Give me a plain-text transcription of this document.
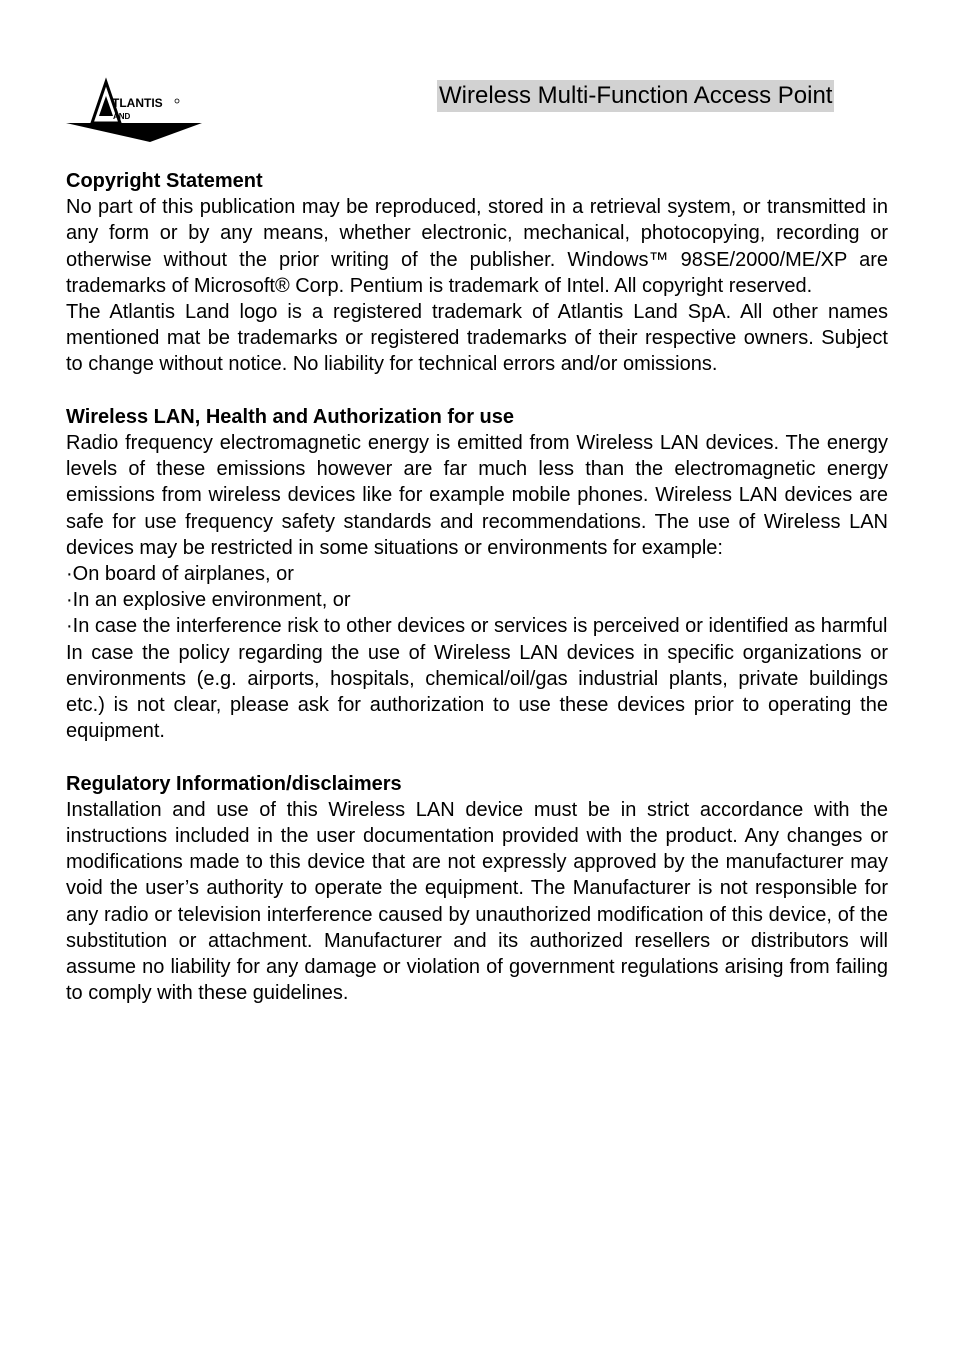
TLANTIS
AND
Wireless Multi-Function Access Point
Copyright Statement

No part of this publication may be reproduced, stored in a retrieval system, or transmitted in any form or by any means, whether electronic, mechanical, photocopying, recording or otherwise without the prior writing of the publisher. Windows™ 98SE/2000/ME/XP are trademarks of Microsoft® Corp. Pentium is trademark of Intel. All copyright reserved.

The Atlantis Land logo is a registered trademark of Atlantis Land SpA. All other names mentioned mat be trademarks or registered trademarks of their respective owners. Subject to change without notice. No liability for technical errors and/or omissions.

Wireless LAN, Health and Authorization for use

Radio frequency electromagnetic energy is emitted from Wireless LAN devices. The energy levels of these emissions however are far much less than the electromagnetic energy emissions from wireless devices like for example mobile phones. Wireless LAN devices are safe for use frequency safety standards and recommendations. The use of Wireless LAN devices may be restricted in some situations or environments for example:

·On board of airplanes, or

·In an explosive environment, or

·In case the interference risk to other devices or services is perceived or identified as harmful

In case the policy regarding the use of Wireless LAN devices in specific organizations or environments (e.g. airports, hospitals, chemical/oil/gas industrial plants, private buildings etc.) is not clear, please ask for authorization to use these devices prior to operating the equipment.

Regulatory Information/disclaimers

Installation and use of this Wireless LAN device must be in strict accordance with the instructions included in the user documentation provided with the product. Any changes or modifications made to this device that are not expressly approved by the manufacturer may void the user’s authority to operate the equipment. The Manufacturer is not responsible for any radio or television interference caused by unauthorized modification of this device, of the substitution or attachment. Manufacturer and its authorized resellers or distributors will assume no liability for any damage or violation of government regulations arising from failing to comply with these guidelines.
